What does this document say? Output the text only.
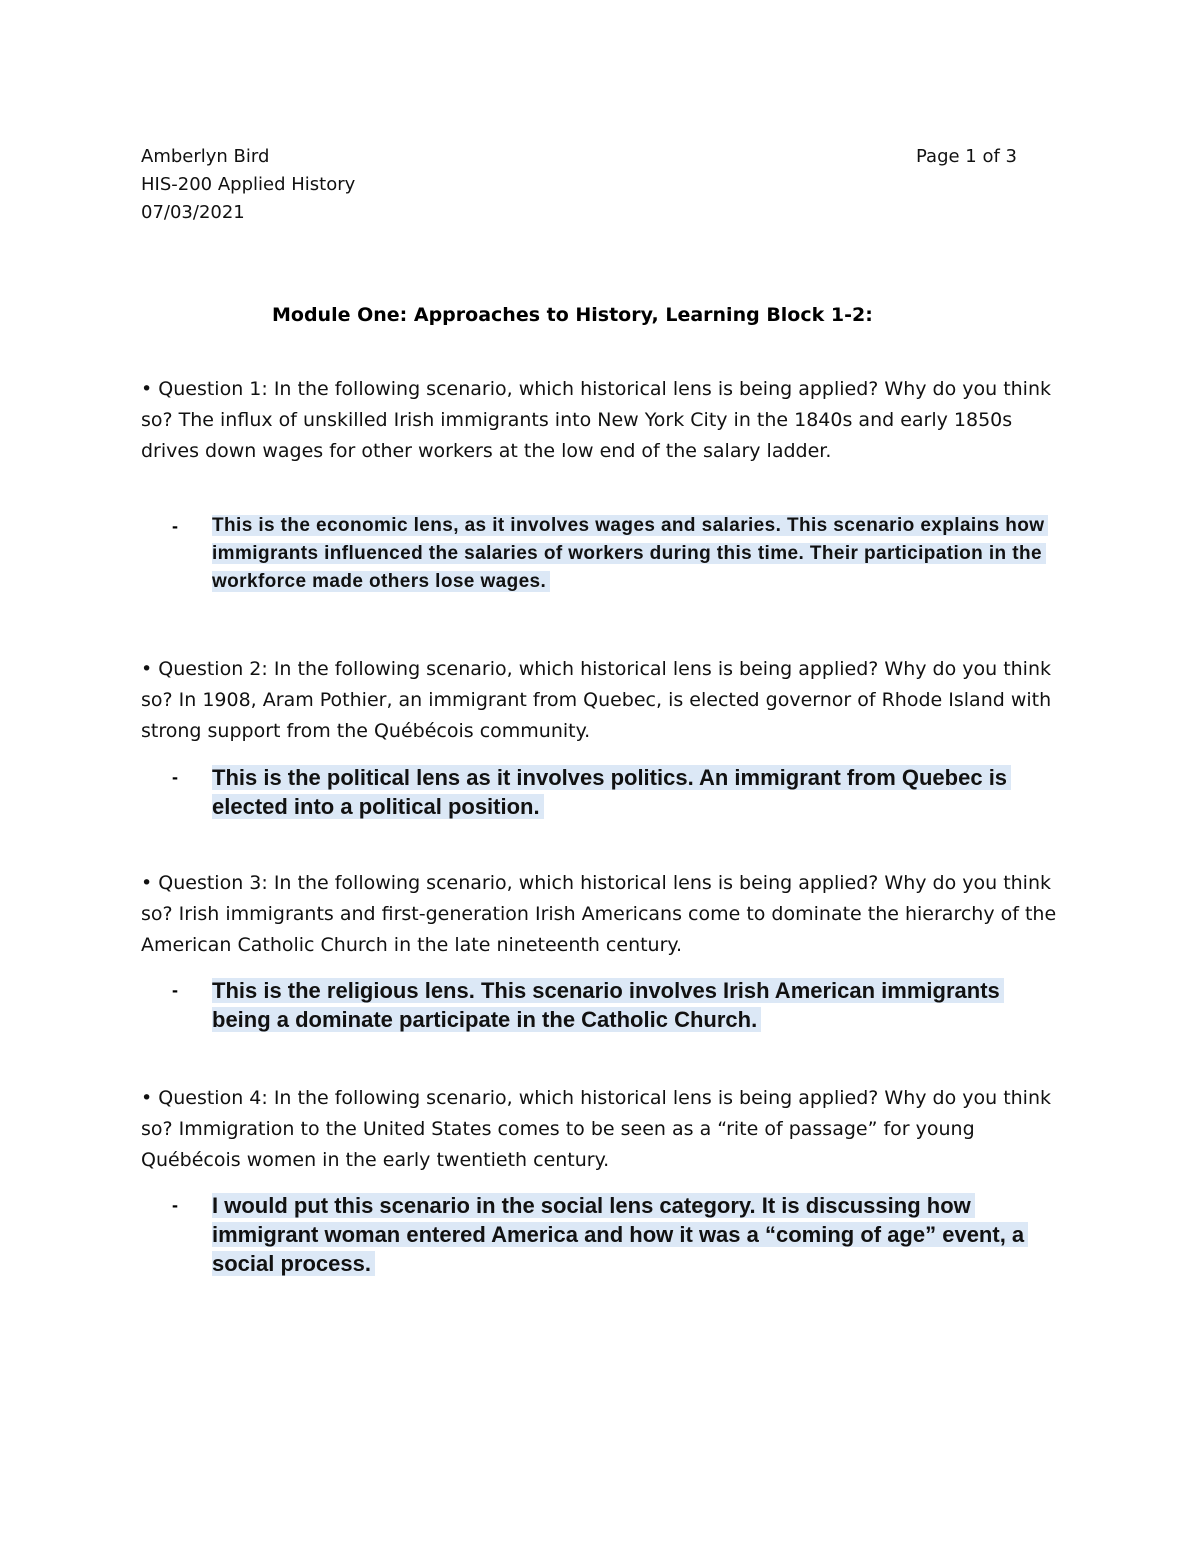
Amberlyn Bird	Page 1 of 3
HIS-200 Applied History
07/03/2021
Module One: Approaches to History, Learning Block 1-2:
• Question 1: In the following scenario, which historical lens is being applied? Why do you think so? The influx of unskilled Irish immigrants into New York City in the 1840s and early 1850s drives down wages for other workers at the low end of the salary ladder.
- This is the economic lens, as it involves wages and salaries. This scenario explains how immigrants influenced the salaries of workers during this time. Their participation in the workforce made others lose wages.
• Question 2: In the following scenario, which historical lens is being applied? Why do you think so? In 1908, Aram Pothier, an immigrant from Quebec, is elected governor of Rhode Island with strong support from the Québécois community.
- This is the political lens as it involves politics. An immigrant from Quebec is elected into a political position.
• Question 3: In the following scenario, which historical lens is being applied? Why do you think so? Irish immigrants and first-generation Irish Americans come to dominate the hierarchy of the American Catholic Church in the late nineteenth century.
- This is the religious lens. This scenario involves Irish American immigrants being a dominate participate in the Catholic Church.
• Question 4: In the following scenario, which historical lens is being applied? Why do you think so? Immigration to the United States comes to be seen as a “rite of passage” for young Québécois women in the early twentieth century.
- I would put this scenario in the social lens category. It is discussing how immigrant woman entered America and how it was a “coming of age” event, a social process.
